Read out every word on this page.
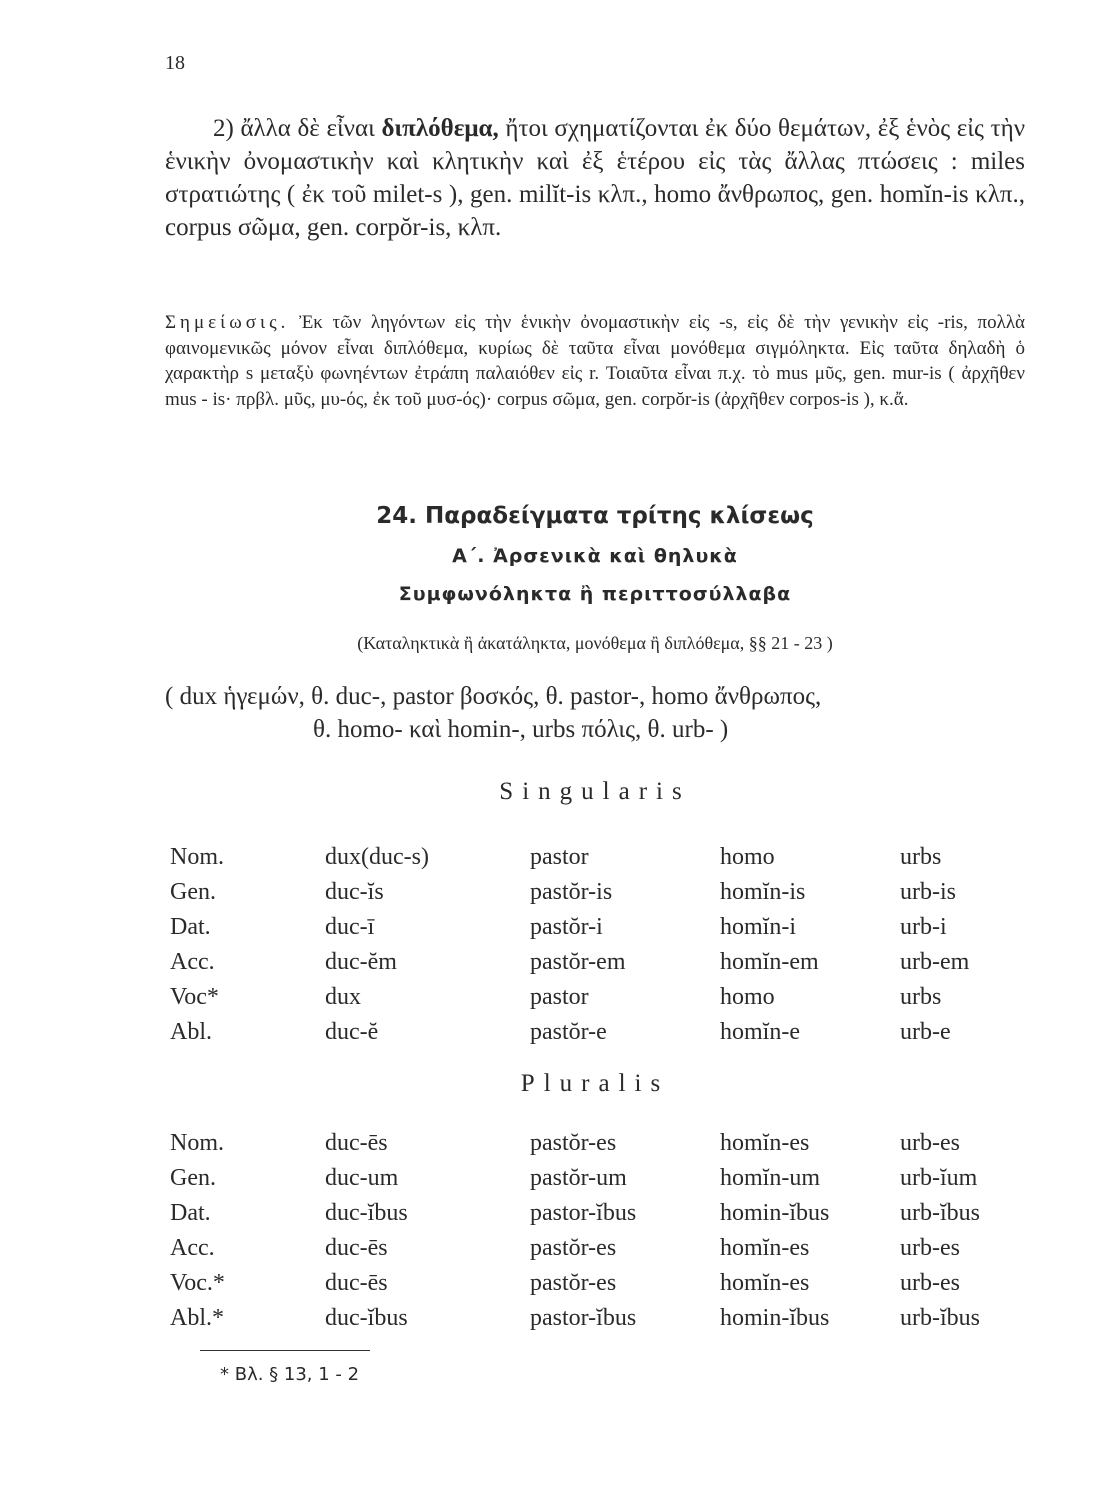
18
2) ἄλλα δὲ εἶναι διπλόθεμα, ἤτοι σχηματίζονται ἐκ δύο θεμάτων, ἐξ ἑνὸς εἰς τὴν ἑνικὴν ὀνομαστικὴν καὶ κλητικὴν καὶ ἐξ ἑτέρου εἰς τὰς ἄλλας πτώσεις : miles στρατιώτης ( ἐκ τοῦ milet-s ), gen. milĭt-is κλπ., homo ἄνθρωπος, gen. homĭn-is κλπ., corpus σῶμα, gen. corpŏr-is, κλπ.
Σημείωσις. Ἐκ τῶν ληγόντων εἰς τὴν ἑνικὴν ὀνομαστικὴν εἰς -s, εἰς δὲ τὴν γενικὴν εἰς -ris, πολλὰ φαινομενικῶς μόνον εἶναι διπλόθεμα, κυρίως δὲ ταῦτα εἶναι μονόθεμα σιγμόληκτα. Εἰς ταῦτα δηλαδὴ ὁ χαρακτὴρ s μεταξὺ φωνηέντων ἐτράπη παλαιόθεν εἰς r. Τοιαῦτα εἶναι π.χ. τὸ mus μῦς, gen. mur-is ( ἀρχῆθεν mus - is· πρβλ. μῦς, μυ-ός, ἐκ τοῦ μυσ-ός)· corpus σῶμα, gen. corpŏr-is (ἀρχῆθεν corpos-is ), κ.ἄ.
24. Παραδείγματα τρίτης κλίσεως
Α΄. Ἀρσενικὰ καὶ θηλυκὰ
Συμφωνόληκτα ἢ περιττοσύλλαβα
(Καταληκτικὰ ἢ ἀκατάληκτα, μονόθεμα ἢ διπλόθεμα, §§ 21 - 23 )
( dux ἡγεμών, θ. duc-, pastor βοσκός, θ. pastor-, homo ἄνθρωπος,
θ. homo- καὶ homin-, urbs πόλις, θ. urb- )
Singularis
Nom.	dux(duc-s)	pastor	homo	urbs
Gen.	duc-ĭs	pastŏr-is	homĭn-is	urb-is
Dat.	duc-ī	pastŏr-i	homĭn-i	urb-i
Acc.	duc-ĕm	pastŏr-em	homĭn-em	urb-em
Voc*	dux	pastor	homo	urbs
Abl.	duc-ĕ	pastŏr-e	homĭn-e	urb-e
Pluralis
Nom.	duc-ēs	pastŏr-es	homĭn-es	urb-es
Gen.	duc-um	pastŏr-um	homĭn-um	urb-ĭum
Dat.	duc-ĭbus	pastor-ĭbus	homin-ĭbus	urb-ĭbus
Acc.	duc-ēs	pastŏr-es	homĭn-es	urb-es
Voc.*	duc-ēs	pastŏr-es	homĭn-es	urb-es
Abl.*	duc-ĭbus	pastor-ĭbus	homin-ĭbus	urb-ĭbus
* Βλ. § 13, 1 - 2
